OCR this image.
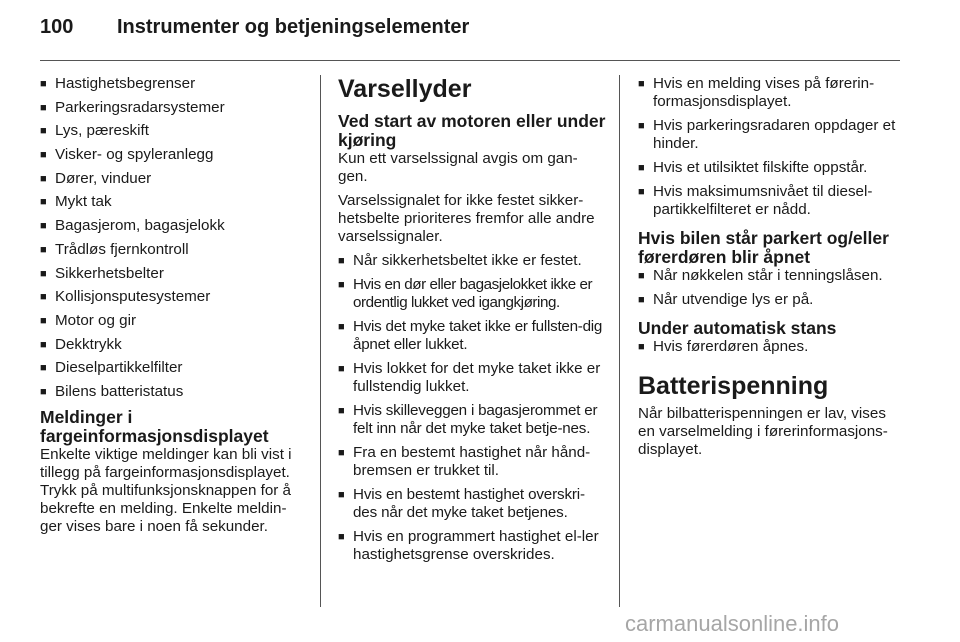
100 Instrumenter og betjeningselementer
■ Hastighetsbegrenser
■ Parkeringsradarsystemer
■ Lys, pæreskift
■ Visker- og spyleranlegg
■ Dører, vinduer
■ Mykt tak
■ Bagasjerom, bagasjelokk
■ Trådløs fjernkontroll
■ Sikkerhetsbelter
■ Kollisjonsputesystemer
■ Motor og gir
■ Dekktrykk
■ Dieselpartikkelfilter
■ Bilens batteristatus
Meldinger i
fargeinformasjonsdisplayet

Enkelte viktige meldinger kan bli vist i tillegg på fargeinformasjonsdisplayet. Trykk på multifunksjonsknappen for å bekrefte en melding. Enkelte meldin-ger vises bare i noen få sekunder.

Varsellyder
Ved start av motoren eller under kjøring

Kun ett varselssignal avgis om gan-gen.

Varselssignalet for ikke festet sikker-hetsbelte prioriteres fremfor alle andre varselssignaler.

■ Når sikkerhetsbeltet ikke er festet.
■ Hvis en dør eller bagasjelokket ikke er ordentlig lukket ved igangkjøring.
■ Hvis det myke taket ikke er fullsten-dig åpnet eller lukket.
■ Hvis lokket for det myke taket ikke er fullstendig lukket.
■ Hvis skilleveggen i bagasjerommet er felt inn når det myke taket betje-nes.
■ Fra en bestemt hastighet når hånd-bremsen er trukket til.
■ Hvis en bestemt hastighet overskri-des når det myke taket betjenes.
■ Hvis en programmert hastighet el-ler hastighetsgrense overskrides.
■ Hvis en melding vises på førerin-formasjonsdisplayet.
■ Hvis parkeringsradaren oppdager et hinder.
■ Hvis et utilsiktet filskifte oppstår.
■ Hvis maksimumsnivået til diesel-partikkelfilteret er nådd.
Hvis bilen står parkert og/eller førerdøren blir åpnet
■ Når nøkkelen står i tenningslåsen.
■ Når utvendige lys er på.
Under automatisk stans
■ Hvis førerdøren åpnes.
Batterispenning

Når bilbatterispenningen er lav, vises en varselmelding i førerinformasjons-displayet.

carmanualsonline.info
